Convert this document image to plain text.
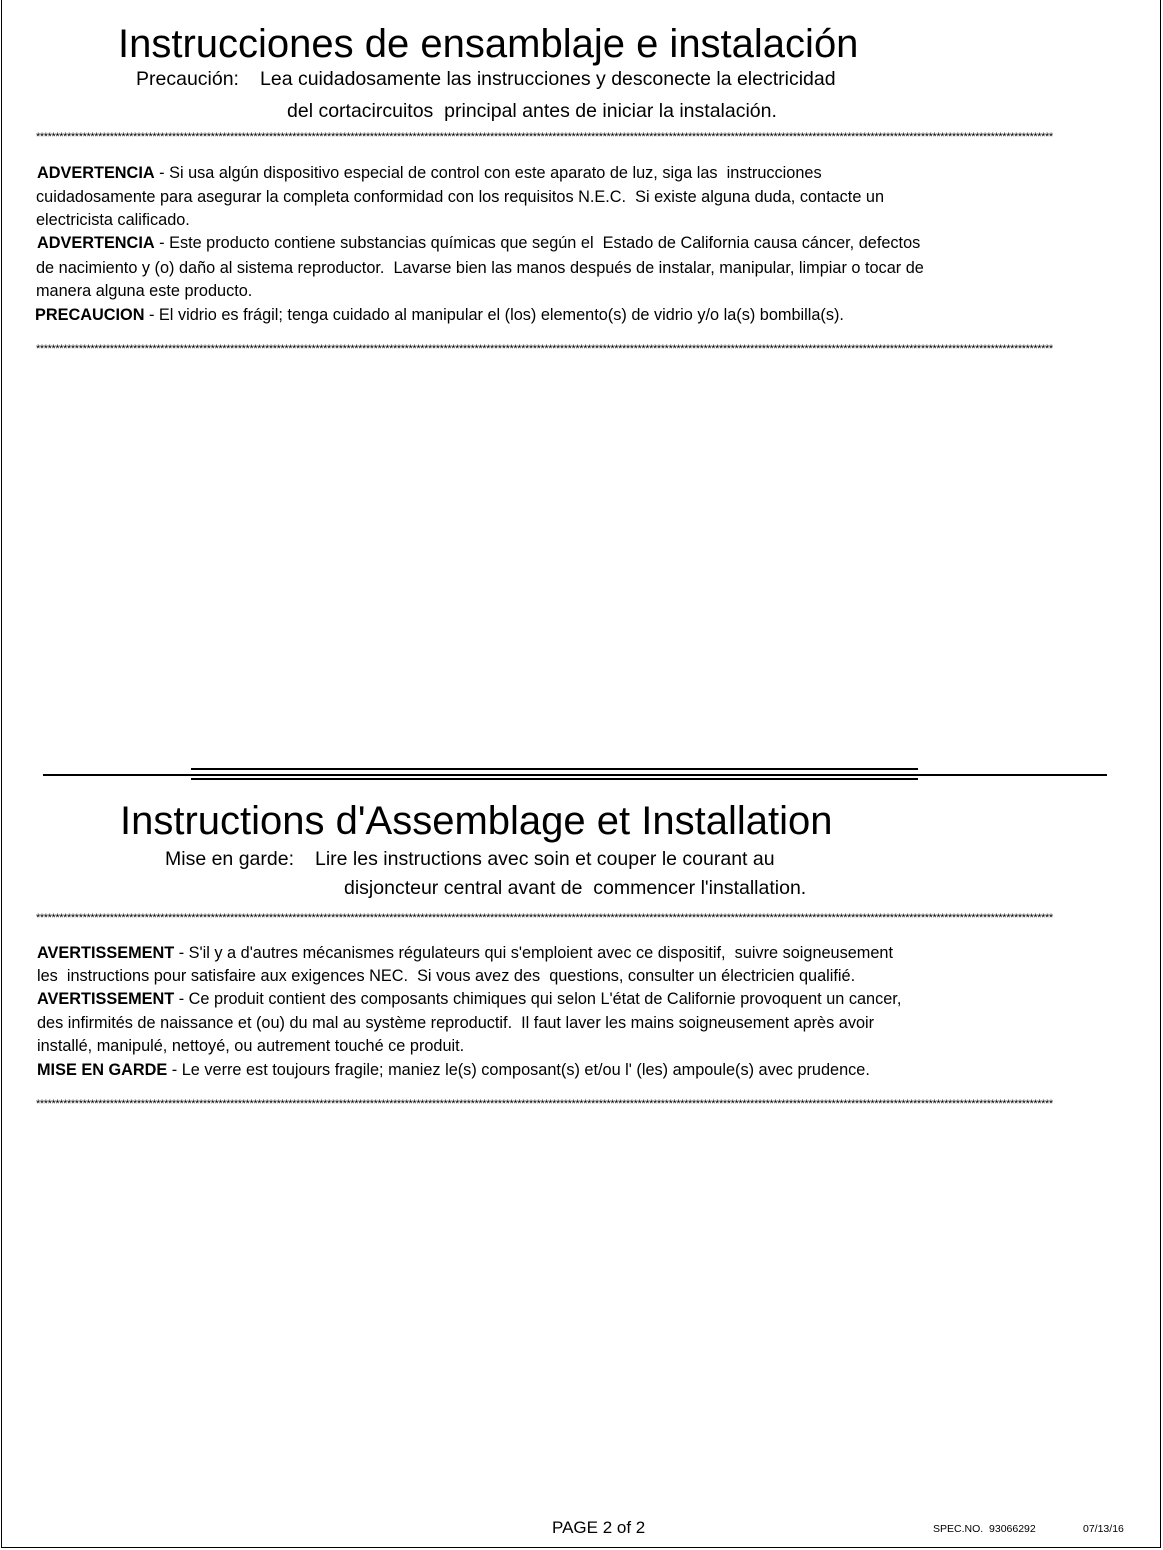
Instrucciones de ensamblaje e instalación
Precaución: Lea cuidadosamente las instrucciones y desconecte la electricidad
del cortacircuitos  principal antes de iniciar la instalación.
**********************************************************************************************************************************************************************************************************************************************************************
ADVERTENCIA - Si usa algún dispositivo especial de control con este aparato de luz, siga las  instrucciones
cuidadosamente para asegurar la completa conformidad con los requisitos N.E.C.  Si existe alguna duda, contacte un
electricista calificado.
ADVERTENCIA - Este producto contiene substancias químicas que según el  Estado de California causa cáncer, defectos
de nacimiento y (o) daño al sistema reproductor.  Lavarse bien las manos después de instalar, manipular, limpiar o tocar de
manera alguna este producto.
PRECAUCION - El vidrio es frágil; tenga cuidado al manipular el (los) elemento(s) de vidrio y/o la(s) bombilla(s).
**********************************************************************************************************************************************************************************************************************************************************************
Instructions d'Assemblage et Installation
Mise en garde: Lire les instructions avec soin et couper le courant au
disjoncteur central avant de  commencer l'installation.
**********************************************************************************************************************************************************************************************************************************************************************
AVERTISSEMENT - S'il y a d'autres mécanismes régulateurs qui s'emploient avec ce dispositif,  suivre soigneusement
les  instructions pour satisfaire aux exigences NEC.  Si vous avez des  questions, consulter un électricien qualifié.
AVERTISSEMENT - Ce produit contient des composants chimiques qui selon L'état de Californie provoquent un cancer,
des infirmités de naissance et (ou) du mal au système reproductif.  Il faut laver les mains soigneusement après avoir
installé, manipulé, nettoyé, ou autrement touché ce produit.
MISE EN GARDE - Le verre est toujours fragile; maniez le(s) composant(s) et/ou l' (les) ampoule(s) avec prudence.
**********************************************************************************************************************************************************************************************************************************************************************
PAGE 2 of 2	SPEC.NO.  93066292	07/13/16
